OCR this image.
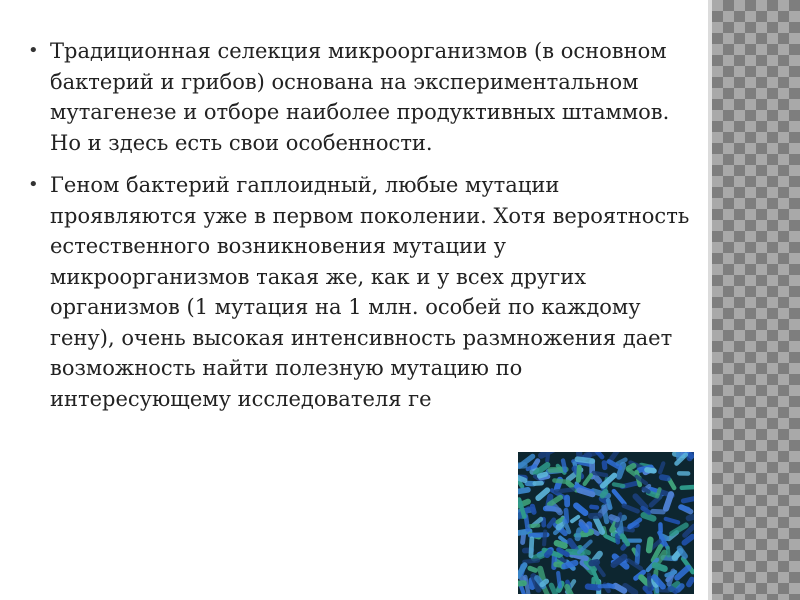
• Традиционная селекция микроорганизмов (в основном бактерий и грибов) основана на экспериментальном мутагенезе и отборе наиболее продуктивных штаммов. Но и здесь есть свои особенности.
• Геном бактерий гаплоидный, любые мутации проявляются уже в первом поколении. Хотя вероятность естественного возникновения мутации у микроорганизмов такая же, как и у всех других организмов (1 мутация на 1 млн. особей по каждому гену), очень высокая интенсивность размножения дает возможность найти полезную мутацию по интересующему исследователя ге
